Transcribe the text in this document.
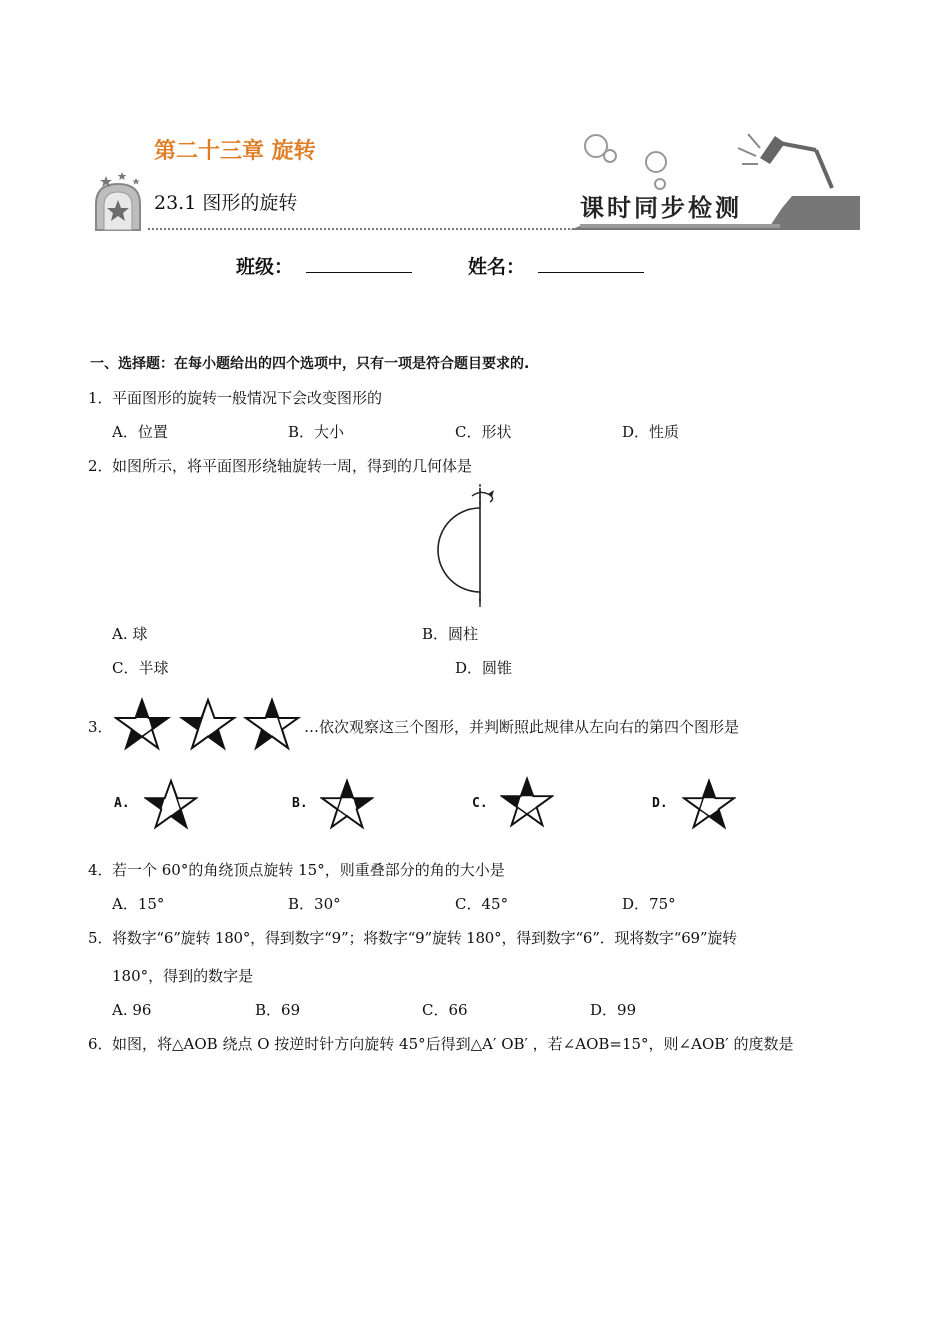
第二十三章 旋转
23.1 图形的旋转	课时同步检测
班级：	姓名：
一、选择题：在每小题给出的四个选项中，只有一项是符合题目要求的.
1． 平面图形的旋转一般情况下会改变图形的
A．位置	B．大小	C．形状	D．性质
2． 如图所示，将平面图形绕轴旋转一周，得到的几何体是
A. 球	B．圆柱
C．半球	D．圆锥
3．	…依次观察这三个图形，并判断照此规律从左向右的第四个图形是
A.	B.	C.	D.
4． 若一个 60°的角绕顶点旋转 15°，则重叠部分的角的大小是
A．15°	B．30°	C．45°	D．75°
5． 将数字“6”旋转 180°，得到数字“9”；将数字“9”旋转 180°，得到数字“6”．现将数字“69”旋转
180°，得到的数字是
A. 96	B．69	C．66	D．99
6． 如图，将△AOB 绕点 O 按逆时针方向旋转 45°后得到△A′ OB′ ，若∠AOB=15°，则∠AOB′ 的度数是
